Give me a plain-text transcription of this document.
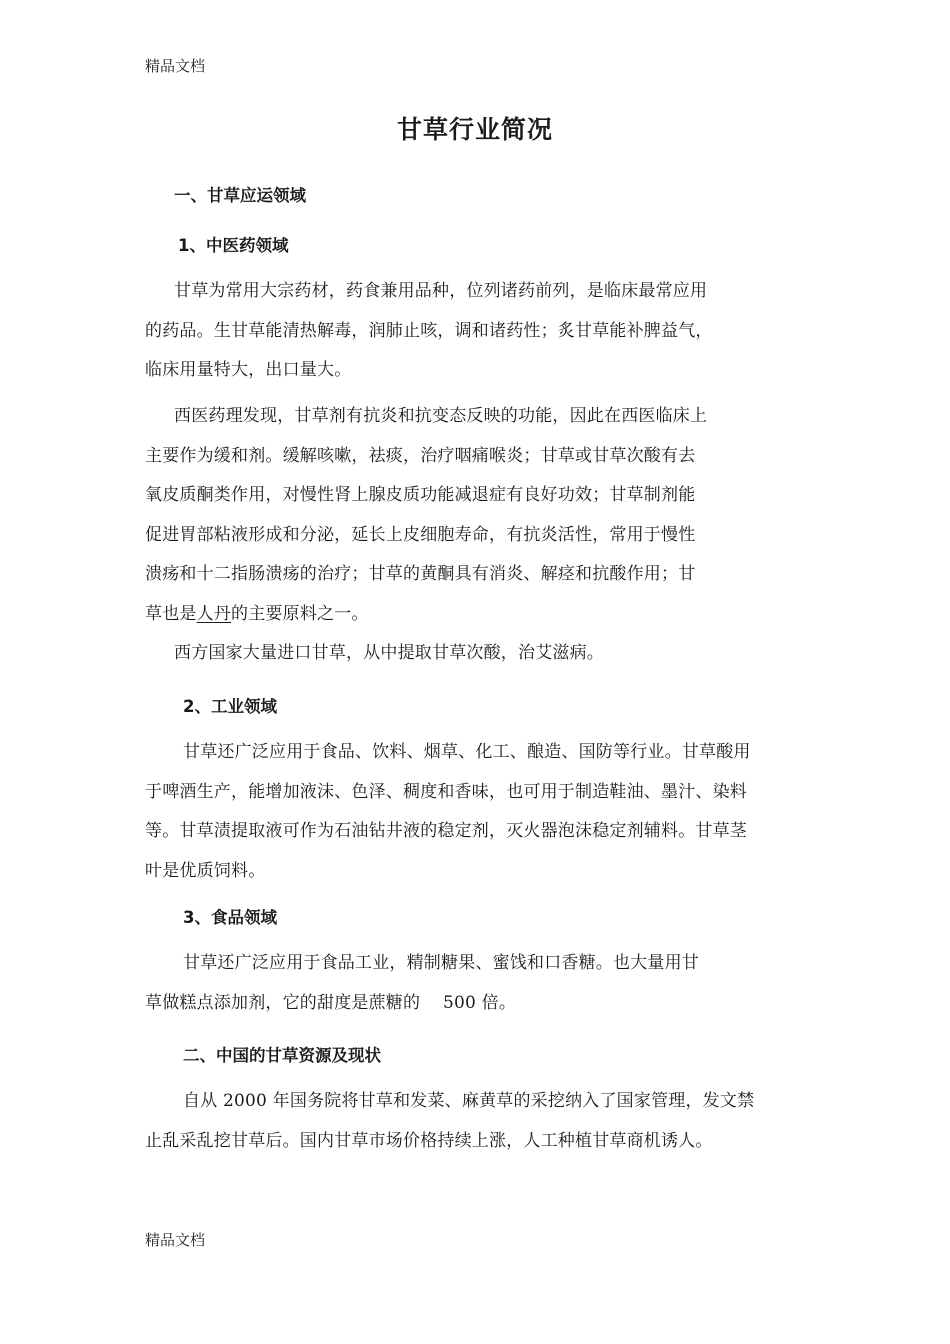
精品文档
甘草行业简况
一、甘草应运领域
1、中医药领域
甘草为常用大宗药材，药食兼用品种，位列诸药前列，是临床最常应用
的药品。生甘草能清热解毒，润肺止咳，调和诸药性；炙甘草能补脾益气，
临床用量特大，出口量大。
西医药理发现，甘草剂有抗炎和抗变态反映的功能，因此在西医临床上
主要作为缓和剂。缓解咳嗽，祛痰，治疗咽痛喉炎；甘草或甘草次酸有去
氧皮质酮类作用，对慢性肾上腺皮质功能减退症有良好功效；甘草制剂能
促进胃部粘液形成和分泌，延长上皮细胞寿命，有抗炎活性，常用于慢性
溃疡和十二指肠溃疡的治疗；甘草的黄酮具有消炎、解痉和抗酸作用；甘
草也是人丹的主要原料之一。
西方国家大量进口甘草，从中提取甘草次酸，治艾滋病。
2、工业领域
甘草还广泛应用于食品、饮料、烟草、化工、酿造、国防等行业。甘草酸用
于啤酒生产，能增加液沫、色泽、稠度和香味，也可用于制造鞋油、墨汁、染料
等。甘草渍提取液可作为石油钻井液的稳定剂，灭火器泡沫稳定剂辅料。甘草茎
叶是优质饲料。
3、食品领域
甘草还广泛应用于食品工业，精制糖果、蜜饯和口香糖。也大量用甘
草做糕点添加剂，它的甜度是蔗糖的　 500 倍。
二、中国的甘草资源及现状
自从 2000 年国务院将甘草和发菜、麻黄草的采挖纳入了国家管理，发文禁
止乱采乱挖甘草后。国内甘草市场价格持续上涨，人工种植甘草商机诱人。
精品文档
